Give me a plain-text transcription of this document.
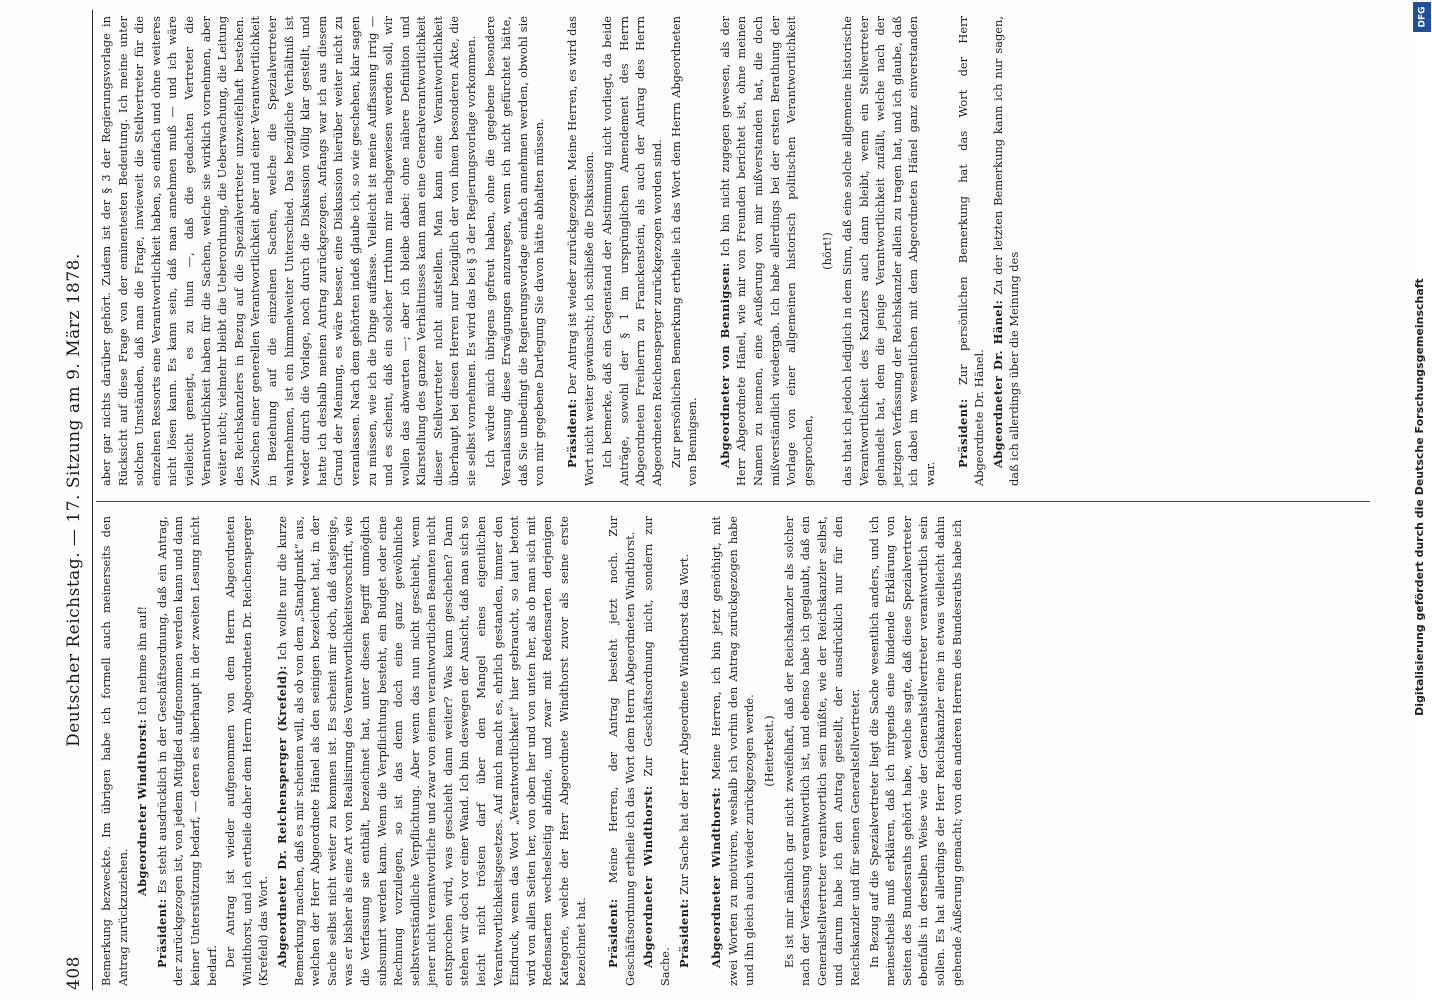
408
Deutscher Reichstag. — 17. Sitzung am 9. März 1878.

Bemerkung bezweckte. Im übrigen habe ich formell auch meinerseits den Antrag zurückzuziehen.

Abgeordneter Windthorst: Ich nehme ihn auf!

Präsident: Es steht ausdrücklich in der Geschäftsordnung, daß ein Antrag, der zurückgezogen ist, von jedem Mitglied aufgenommen werden kann und dann keiner Unterstützung bedarf, — deren es überhaupt in der zweiten Lesung nicht bedarf. Der Antrag ist wieder aufgenommen von dem Herrn Abgeordneten Windthorst, und ich ertheile daher dem Herrn Abgeordneten Dr. Reichensperger (Krefeld) das Wort. Abgeordneter Dr. Reichensperger (Krefeld): Ich wollte nur die kurze Bemerkung machen, daß es mir scheinen will, als ob von dem „Standpunkt“ aus, welchen der Herr Abgeordnete Hänel als den seinigen bezeichnet hat, in der Sache selbst nicht weiter zu kommen ist. Es scheint mir doch, daß dasjenige, was er bisher als eine Art von Realisirung des Verantwortlichkeitsvorschrift, wie die Verfassung sie enthält, bezeichnet hat, unter diesen Begriff unmöglich subsumirt werden kann. Wenn die Verpflichtung besteht, ein Budget oder eine Rechnung vorzulegen, so ist das denn doch eine ganz gewöhnliche selbstverständliche Verpflichtung. Aber wenn das nun nicht geschieht, wenn jener nicht verantwortliche und zwar von einem verantwortlichen Beamten nicht entsprochen wird, was geschieht dann weiter? Was kann geschehen? Dann stehen wir doch vor einer Wand. Ich bin deswegen der Ansicht, daß man sich so leicht nicht trösten darf über den Mangel eines eigentlichen Verantwortlichkeitsgesetzes. Auf mich macht es, ehrlich gestanden, immer den Eindruck, wenn das Wort „Verantwortlichkeit“ hier gebraucht, so laut betont wird von allen Seiten her, von oben her und von unten her, als ob man sich mit Redensarten wechselseitig abfinde, und zwar mit Redensarten derjenigen Kategorie, welche der Herr Abgeordnete Windthorst zuvor als seine erste bezeichnet hat. Präsident: Meine Herren, der Antrag besteht jetzt noch. Zur Geschäftsordnung ertheile ich das Wort dem Herrn Abgeordneten Windthorst. Abgeordneter Windthorst: Zur Geschäftsordnung nicht, sondern zur Sache. Präsident: Zur Sache hat der Herr Abgeordnete Windthorst das Wort. Abgeordneter Windthorst: Meine Herren, ich bin jetzt genöthigt, mit zwei Worten zu motiviren, weshalb ich vorhin den Antrag zurückgezogen habe und ihn gleich auch wieder zurückgezogen werde. (Heiterkeit.) Es ist mir nämlich gar nicht zweifelhaft, daß der Reichskanzler als solcher nach der Verfassung verantwortlich ist, und ebenso habe ich geglaubt, daß ein Generalstellvertreter verantwortlich sein müßte, wie der Reichskanzler selbst, und darum habe ich den Antrag gestellt, der ausdrücklich nur für den Reichskanzler und für seinen Generalstellvertreter. In Bezug auf die Spezialvertreter liegt die Sache wesentlich anders, und ich meinestheils muß erklären, daß ich nirgends eine bindende Erklärung von Seiten des Bundesraths gehört habe, welche sagte, daß diese Spezialvertreter ebenfalls in derselben Weise wie der Generalstellvertreter verantwortlich sein sollen. Es hat allerdings der Herr Reichskanzler eine in etwas vielleicht dahin gehende Äußerung gemacht; von den anderen Herren des Bundesraths habe ich

aber gar nichts darüber gehört. Zudem ist der § 3 der Regierungsvorlage in Rücksicht auf diese Frage von der eminentesten Bedeutung. Ich meine unter solchen Umständen, daß man die Frage, inwieweit die Stellvertreter für die einzelnen Ressorts eine Verantwortlichkeit haben, so einfach und ohne weiteres nicht lösen kann. Es kann sein, daß man annehmen muß — und ich wäre vielleicht geneigt, es zu thun —, daß die gedachten Vertreter die Verantwortlichkeit haben für die Sachen, welche sie wirklich vornehmen, aber weiter nicht; vielmehr bleibt die Ueberordnung, die Ueberwachung, die Leitung des Reichskanzlers in Bezug auf die Spezialvertreter unzweifelhaft bestehen. Zwischen einer generellen Verantwortlichkeit aber und einer Verantwortlichkeit in Beziehung auf die einzelnen Sachen, welche die Spezialvertreter wahrnehmen, ist ein himmelweiter Unterschied. Das bezügliche Verhältniß ist weder durch die Vorlage, noch durch die Diskussion völlig klar gestellt, und hatte ich deshalb meinen Antrag zurückgezogen. Anfangs war ich aus diesem Grund der Meinung, es wäre besser, eine Diskussion hierüber weiter nicht zu veranlassen. Nach dem gehörten indeß glaube ich, so wie geschehen, klar sagen zu müssen, wie ich die Dinge auffasse. Vielleicht ist meine Auffassung irrig — und es scheint, daß ein solcher Irrthum mir nachgewiesen werden soll, wir wollen das abwarten —; aber ich bleibe dabei: ohne nähere Definition und Klarstellung des ganzen Verhältnisses kann man eine Generalverantwortlichkeit dieser Stellvertreter nicht aufstellen. Man kann eine Verantwortlichkeit überhaupt bei diesen Herren nur bezüglich der von ihnen besonderen Akte, die sie selbst vornehmen. Es wird das bei § 3 der Regierungsvorlage vorkommen. Ich würde mich übrigens gefreut haben, ohne die gegebene besondere Veranlassung diese Erwägungen anzuregen, wenn ich nicht gefürchtet hätte, daß Sie unbedingt die Regierungsvorlage einfach annehmen werden, obwohl sie von mir gegebene Darlegung Sie davon hätte abhalten müssen. Präsident: Der Antrag ist wieder zurückgezogen. Meine Herren, es wird das Wort nicht weiter gewünscht; ich schließe die Diskussion. Ich bemerke, daß ein Gegenstand der Abstimmung nicht vorliegt, da beide Anträge, sowohl der § 1 im ursprünglichen Amendement des Herrn Abgeordneten Freiherrn zu Franckenstein, als auch der Antrag des Herrn Abgeordneten Reichensperger zurückgezogen worden sind. Zur persönlichen Bemerkung ertheile ich das Wort dem Herrn Abgeordneten von Bennigsen. Abgeordneter von Bennigsen: Ich bin nicht zugegen gewesen, als der Herr Abgeordnete Hänel, wie mir von Freunden berichtet ist, ohne meinen Namen zu nennen, eine Aeußerung von mir mißverstanden hat, die doch mißverständlich wiedergab. Ich habe allerdings bei der ersten Berathung der Vorlage von einer allgemeinen historisch politischen Verantwortlichkeit gesprochen,

(hört!) das that ich jedoch lediglich in dem Sinn, daß eine solche allgemeine historische Verantwortlichkeit des Kanzlers auch dann bleibt, wenn ein Stellvertreter gehandelt hat, dem die jenige Verantwortlichkeit zufällt, welche nach der jetzigen Verfassung der Reichskanzler allein zu tragen hat, und ich glaube, daß ich dabei im wesentlichen mit dem Abgeordneten Hänel ganz einverstanden war.

Präsident: Zur persönlichen Bemerkung hat das Wort der Herr Abgeordnete Dr. Hänel. Abgeordneter Dr. Hänel: Zu der letzten Bemerkung kann ich nur sagen, daß ich allerdings über die Meinung des

DFG
Digitalisierung gefördert durch die Deutsche Forschungsgemeinschaft
